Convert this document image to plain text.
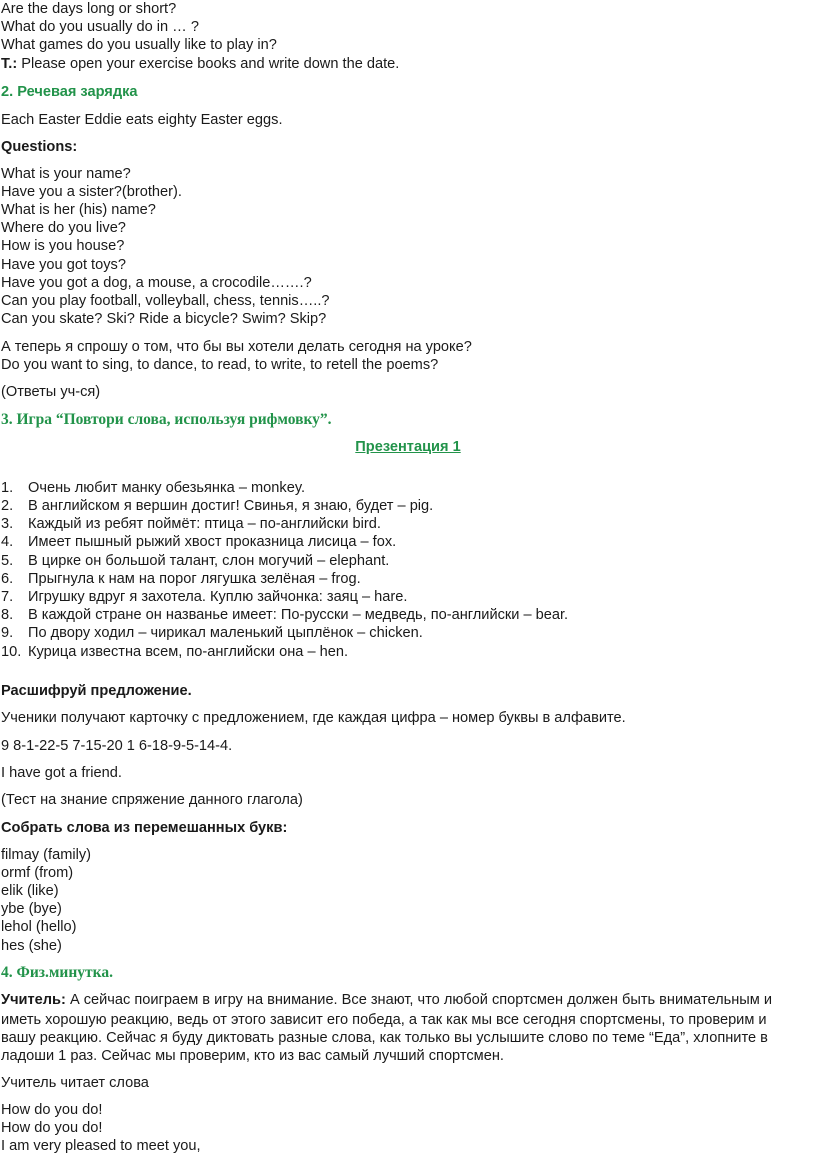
Are the days long or short?
What do you usually do in … ?
What games do you usually like to play in?
T.: Please open your exercise books and write down the date.
2. Речевая зарядка
Each Easter Eddie eats eighty Easter eggs.
Questions:
What is your name?
Have you a sister?(brother).
What is her (his) name?
Where do you live?
How is you house?
Have you got toys?
Have you got a dog, a mouse, a crocodile…….?
Can you play football, volleyball, chess, tennis…..?
Can you skate? Ski? Ride a bicycle? Swim? Skip?
А теперь я спрошу о том, что бы вы хотели делать сегодня на уроке?
Do you want to sing, to dance, to read, to write, to retell the poems?
(Ответы уч-ся)
3. Игра “Повтори слова, используя рифмовку”.
Презентация 1
1.	Очень любит манку обезьянка – monkey.
2.	В английском я вершин достиг! Свинья, я знаю, будет – pig.
3.	Каждый из ребят поймёт: птица – по-английски bird.
4.	Имеет пышный рыжий хвост проказница лисица – fox.
5.	В цирке он большой талант, слон могучий – elephant.
6.	Прыгнула к нам на порог лягушка зелёная – frog.
7.	Игрушку вдруг я захотела. Куплю зайчонка: заяц – hare.
8.	В каждой стране он названье имеет: По-русски – медведь, по-английски – bear.
9.	По двору ходил – чирикал маленький цыплёнок – chicken.
10. Курица известна всем, по-английски она – hen.
Расшифруй предложение.
Ученики получают карточку с предложением, где каждая цифра – номер буквы в алфавите.
9 8-1-22-5 7-15-20 1 6-18-9-5-14-4.
I have got a friend.
(Тест на знание спряжение данного глагола)
Собрать слова из перемешанных букв:
filmay (family)
ormf (from)
elik (like)
ybe (bye)
lehol (hello)
hes (she)
4. Физ.минутка.
Учитель: А сейчас поиграем в игру на внимание. Все знают, что любой спортсмен должен быть внимательным и
иметь хорошую реакцию, ведь от этого зависит его победа, а так как мы все сегодня спортсмены, то проверим и
вашу реакцию. Сейчас я буду диктовать разные слова, как только вы услышите слово по теме “Еда”, хлопните в
ладоши 1 раз. Сейчас мы проверим, кто из вас самый лучший спортсмен.
Учитель читает слова
How do you do!
How do you do!
I am very pleased to meet you,
